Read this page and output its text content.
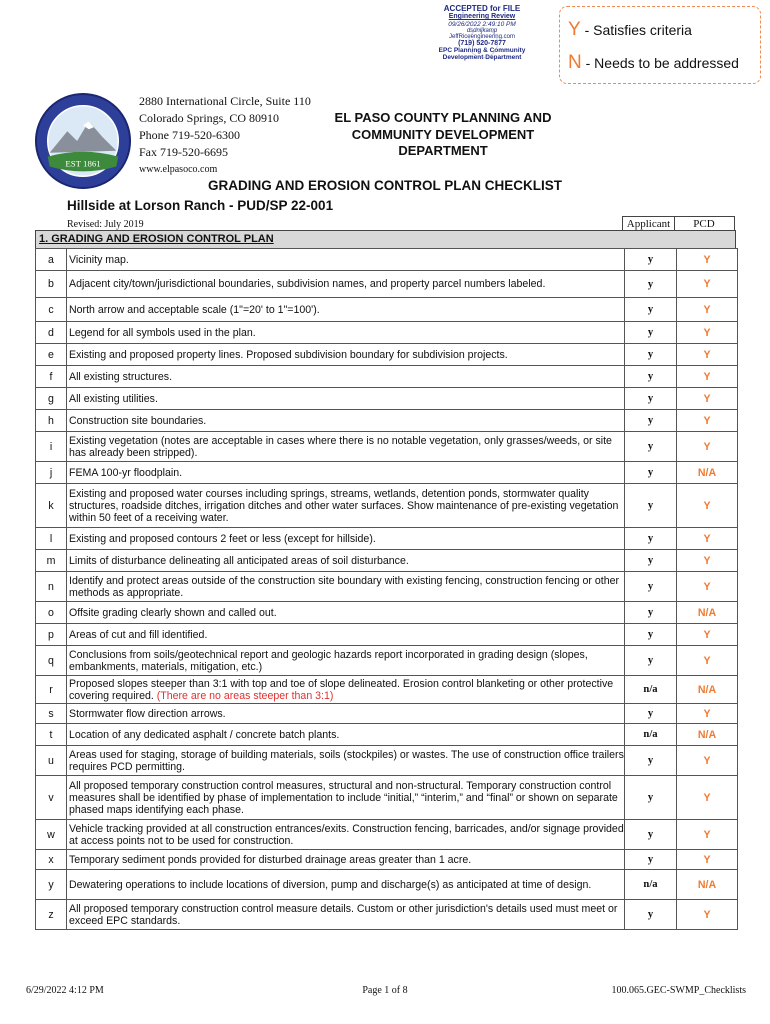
ACCEPTED for FILE
Engineering Review
09/26/2022 2:49:10 PM
dsdnijkamp
JeffRiceengineering.com
(719) 520-7877
EPC Planning & Community
Development Department
Y - Satisfies criteria
N - Needs to be addressed
EST 1861
2880 International Circle, Suite 110
Colorado Springs, CO 80910
Phone 719-520-6300
Fax 719-520-6695
www.elpasoco.com
EL PASO COUNTY PLANNING AND
COMMUNITY DEVELOPMENT
DEPARTMENT
GRADING AND EROSION CONTROL PLAN CHECKLIST
Hillside at Lorson Ranch - PUD/SP 22-001
Revised: July 2019	Applicant	PCD
1. GRADING AND EROSION CONTROL PLAN
a	Vicinity map.	y	Y
b	Adjacent city/town/jurisdictional boundaries, subdivision names, and property parcel numbers labeled.	y	Y
c	North arrow and acceptable scale (1"=20' to 1"=100').	y	Y
d	Legend for all symbols used in the plan.	y	Y
e	Existing and proposed property lines. Proposed subdivision boundary for subdivision projects.	y	Y
f	All existing structures.	y	Y
g	All existing utilities.	y	Y
h	Construction site boundaries.	y	Y
i	Existing vegetation (notes are acceptable in cases where there is no notable vegetation, only grasses/weeds, or site has already been stripped).	y	Y
j	FEMA 100-yr floodplain.	y	N/A
k	Existing and proposed water courses including springs, streams, wetlands, detention ponds, stormwater quality structures, roadside ditches, irrigation ditches and other water surfaces. Show maintenance of pre-existing vegetation within 50 feet of a receiving water.	y	Y
l	Existing and proposed contours 2 feet or less (except for hillside).	y	Y
m	Limits of disturbance delineating all anticipated areas of soil disturbance.	y	Y
n	Identify and protect areas outside of the construction site boundary with existing fencing, construction fencing or other methods as appropriate.	y	Y
o	Offsite grading clearly shown and called out.	y	N/A
p	Areas of cut and fill identified.	y	Y
q	Conclusions from soils/geotechnical report and geologic hazards report incorporated in grading design (slopes, embankments, materials, mitigation, etc.)	y	Y
r	Proposed slopes steeper than 3:1 with top and toe of slope delineated. Erosion control blanketing or other protective covering required. (There are no areas steeper than 3:1)	n/a	N/A
s	Stormwater flow direction arrows.	y	Y
t	Location of any dedicated asphalt / concrete batch plants.	n/a	N/A
u	Areas used for staging, storage of building materials, soils (stockpiles) or wastes. The use of construction office trailers requires PCD permitting.	y	Y
v	All proposed temporary construction control measures, structural and non-structural. Temporary construction control measures shall be identified by phase of implementation to include “initial,” “interim,” and “final” or shown on separate phased maps identifying each phase.	y	Y
w	Vehicle tracking provided at all construction entrances/exits. Construction fencing, barricades, and/or signage provided at access points not to be used for construction.	y	Y
x	Temporary sediment ponds provided for disturbed drainage areas greater than 1 acre.	y	Y
y	Dewatering operations to include locations of diversion, pump and discharge(s) as anticipated at time of design.	n/a	N/A
z	All proposed temporary construction control measure details. Custom or other jurisdiction's details used must meet or exceed EPC standards.	y	Y
6/29/2022 4:12 PM	Page 1 of 8	100.065.GEC-SWMP_Checklists
